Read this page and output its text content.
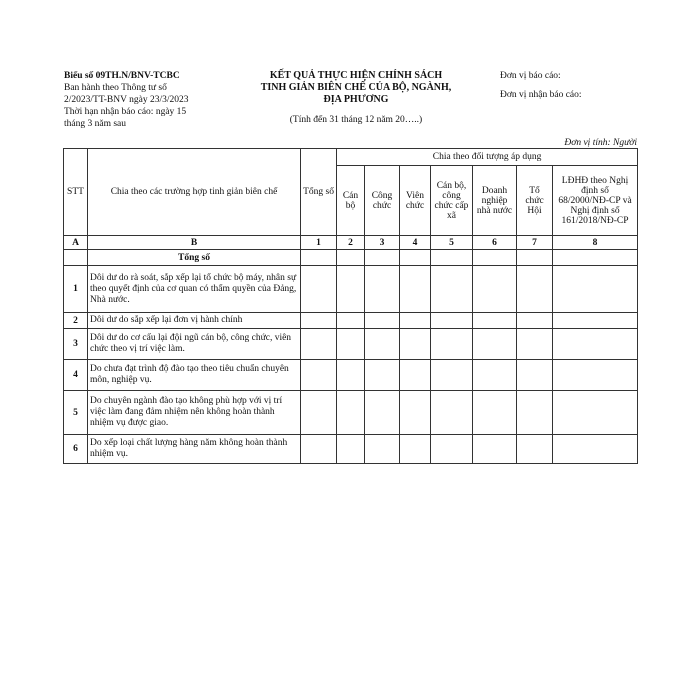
Biểu số 09TH.N/BNV-TCBC
Ban hành theo Thông tư số
2/2023/TT-BNV ngày 23/3/2023
Thời hạn nhận báo cáo: ngày 15
tháng 3 năm sau
KẾT QUẢ THỰC HIỆN CHÍNH SÁCH
TINH GIẢN BIÊN CHẾ CỦA BỘ, NGÀNH,
ĐỊA PHƯƠNG
(Tính đến 31 tháng 12 năm 20…..)
Đơn vị báo cáo:
Đơn vị nhận báo cáo:
Đơn vị tính: Người
STT	Chia theo các trường hợp tinh giản biên chế	Tổng số	Chia theo đối tượng áp dụng						
			Cán bộ	Công chức	Viên chức	Cán bộ, công chức cấp xã	Doanh nghiệp nhà nước	Tổ chức Hội	LĐHĐ theo Nghị định số 68/2000/NĐ-CP và Nghị định số 161/2018/NĐ-CP
A	B	1	2	3	4	5	6	7	8
	Tổng số								
1	Dôi dư do rà soát, sắp xếp lại tổ chức bộ máy, nhân sự theo quyết định của cơ quan có thẩm quyền của Đảng, Nhà nước.								
2	Dôi dư do sắp xếp lại đơn vị hành chính								
3	Dôi dư do cơ cấu lại đội ngũ cán bộ, công chức, viên chức theo vị trí việc làm.								
4	Do chưa đạt trình độ đào tạo theo tiêu chuẩn chuyên môn, nghiệp vụ.								
5	Do chuyên ngành đào tạo không phù hợp với vị trí việc làm đang đảm nhiệm nên không hoàn thành nhiệm vụ được giao.								
6	Do xếp loại chất lượng hàng năm không hoàn thành nhiệm vụ.								
